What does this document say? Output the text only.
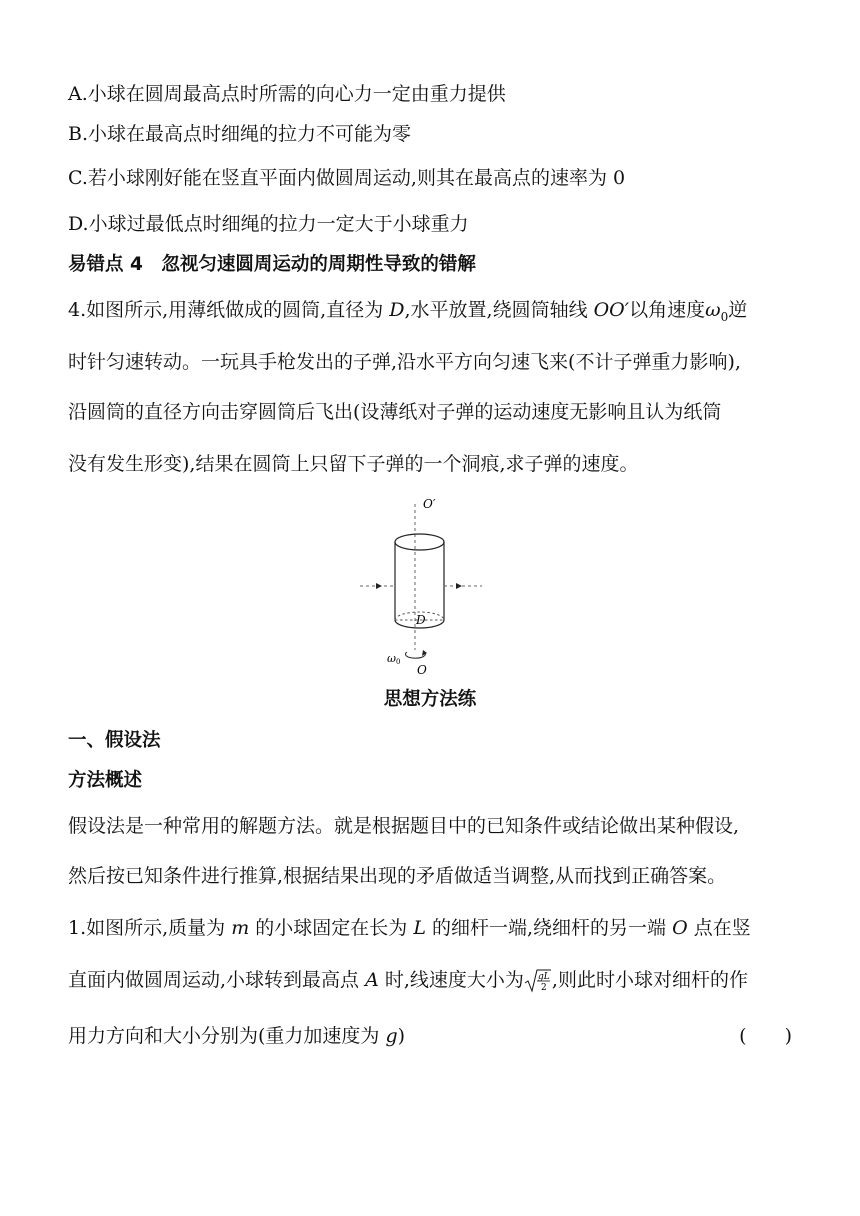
A.小球在圆周最高点时所需的向心力一定由重力提供
B.小球在最高点时细绳的拉力不可能为零
C.若小球刚好能在竖直平面内做圆周运动,则其在最高点的速率为 0
D.小球过最低点时细绳的拉力一定大于小球重力
易错点 4　忽视匀速圆周运动的周期性导致的错解
4.如图所示,用薄纸做成的圆筒,直径为 D,水平放置,绕圆筒轴线 OO′以角速度$\omega_0$逆
时针匀速转动。一玩具手枪发出的子弹,沿水平方向匀速飞来(不计子弹重力影响),
沿圆筒的直径方向击穿圆筒后飞出(设薄纸对子弹的运动速度无影响且认为纸筒
没有发生形变),结果在圆筒上只留下子弹的一个洞痕,求子弹的速度。
O′
D
ω0
O
思想方法练
一、假设法
方法概述
假设法是一种常用的解题方法。就是根据题目中的已知条件或结论做出某种假设,
然后按已知条件进行推算,根据结果出现的矛盾做适当调整,从而找到正确答案。
1.如图所示,质量为 m 的小球固定在长为 L 的细杆一端,绕细杆的另一端 O 点在竖
直面内做圆周运动,小球转到最高点 A 时,线速度大小为 gL
2 ,则此时小球对细杆的作
用力方向和大小分别为(重力加速度为 g)	(　　)
